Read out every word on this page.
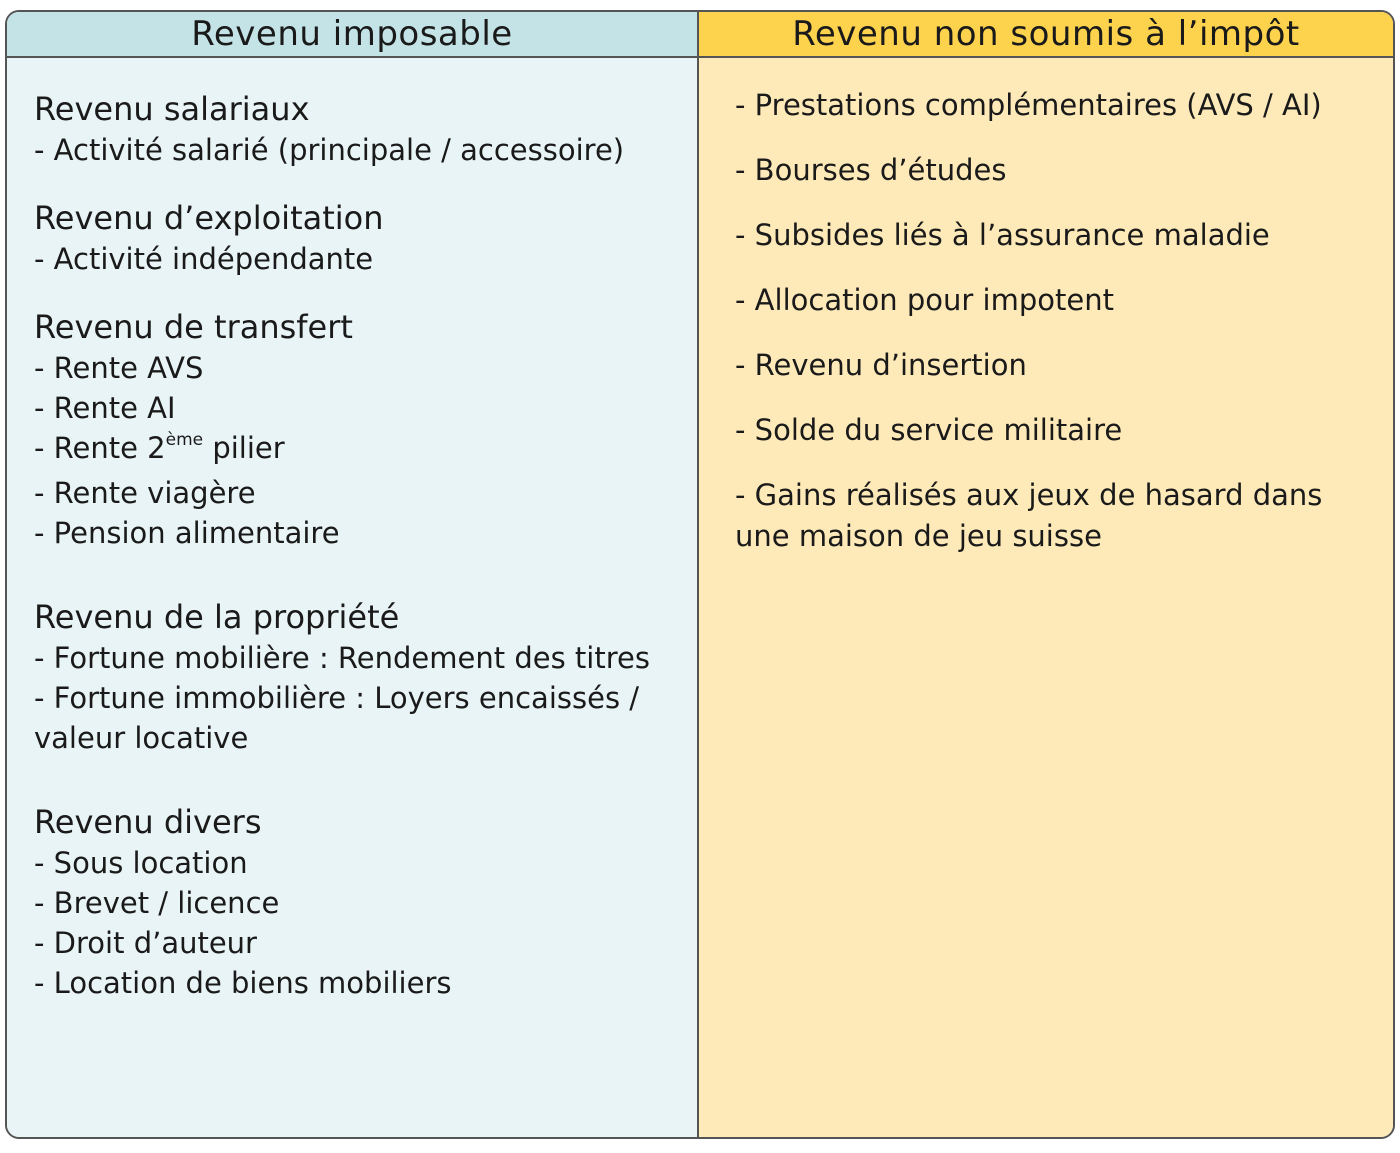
Revenu imposable
Revenu salariaux
- Activité salarié (principale / accessoire)
Revenu d’exploitation
- Activité indépendante
Revenu de transfert
- Rente AVS
- Rente AI
- Rente 2ème pilier
- Rente viagère
- Pension alimentaire
Revenu de la propriété
- Fortune mobilière : Rendement des titres
- Fortune immobilière : Loyers encaissés / valeur locative
Revenu divers
- Sous location
- Brevet / licence
- Droit d’auteur
- Location de biens mobiliers
Revenu non soumis à l’impôt
- Prestations complémentaires (AVS / AI)
- Bourses d’études
- Subsides liés à l’assurance maladie
- Allocation pour impotent
- Revenu d’insertion
- Solde du service militaire
- Gains réalisés aux jeux de hasard dans une maison de jeu suisse
